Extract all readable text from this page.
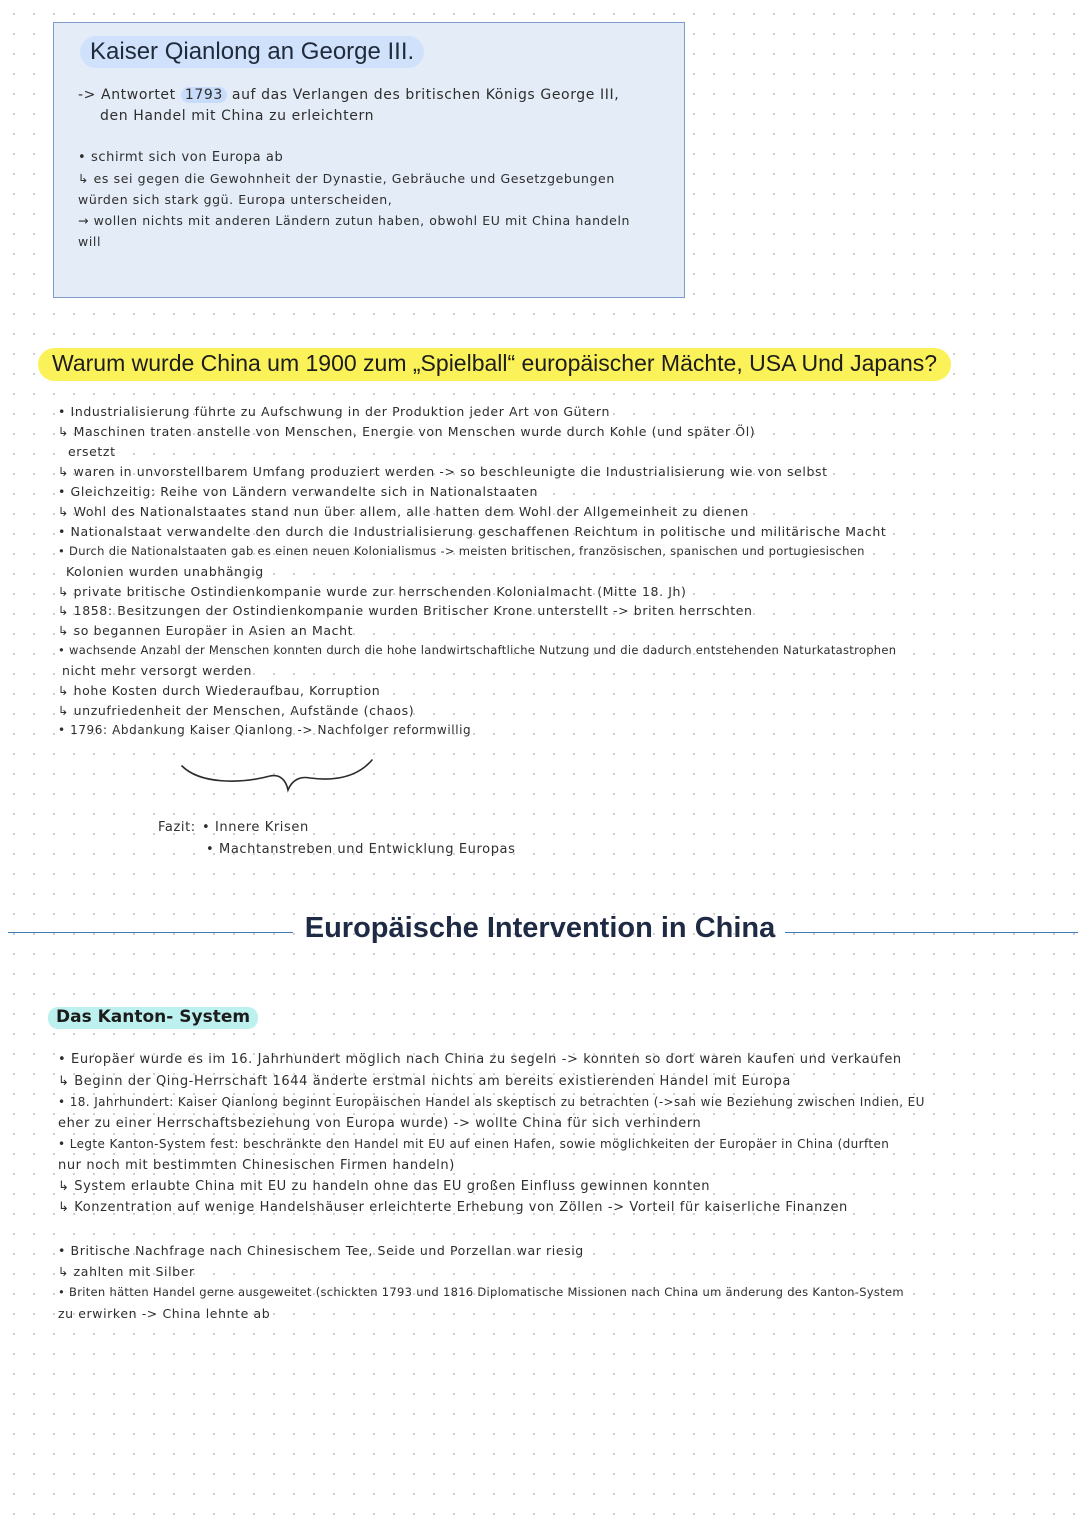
Kaiser Qianlong an George III.
-> Antwortet 1793 auf das Verlangen des britischen Königs George III,
den Handel mit China zu erleichtern
• schirmt sich von Europa ab
↳ es sei gegen die Gewohnheit der Dynastie, Gebräuche und Gesetzgebungen
würden sich stark ggü. Europa unterscheiden,
→ wollen nichts mit anderen Ländern zutun haben, obwohl EU mit China handeln
will
Warum wurde China um 1900 zum „Spielball“ europäischer Mächte, USA Und Japans?
• Industrialisierung führte zu Aufschwung in der Produktion jeder Art von Gütern
↳ Maschinen traten anstelle von Menschen, Energie von Menschen wurde durch Kohle (und später Öl)
ersetzt
↳ waren in unvorstellbarem Umfang produziert werden -> so beschleunigte die Industrialisierung wie von selbst
• Gleichzeitig: Reihe von Ländern verwandelte sich in Nationalstaaten
↳ Wohl des Nationalstaates stand nun über allem, alle hatten dem Wohl der Allgemeinheit zu dienen
• Nationalstaat verwandelte den durch die Industrialisierung geschaffenen Reichtum in politische und militärische Macht
• Durch die Nationalstaaten gab es einen neuen Kolonialismus -> meisten britischen, französischen, spanischen und portugiesischen
Kolonien wurden unabhängig
↳ private britische Ostindienkompanie wurde zur herrschenden Kolonialmacht (Mitte 18. Jh)
↳ 1858: Besitzungen der Ostindienkompanie wurden Britischer Krone unterstellt -> briten herrschten
↳ so begannen Europäer in Asien an Macht
• wachsende Anzahl der Menschen konnten durch die hohe landwirtschaftliche Nutzung und die dadurch entstehenden Naturkatastrophen
nicht mehr versorgt werden
↳ hohe Kosten durch Wiederaufbau, Korruption
↳ unzufriedenheit der Menschen, Aufstände (chaos)
• 1796: Abdankung Kaiser Qianlong -> Nachfolger reformwillig
Fazit: • Innere Krisen
• Machtanstreben und Entwicklung Europas
Europäische Intervention in China
Das Kanton- System
• Europäer wurde es im 16. Jahrhundert möglich nach China zu segeln -> konnten so dort waren kaufen und verkaufen
↳ Beginn der Qing-Herrschaft 1644 änderte erstmal nichts am bereits existierenden Handel mit Europa
• 18. Jahrhundert: Kaiser Qianlong beginnt Europäischen Handel als skeptisch zu betrachten (->sah wie Beziehung zwischen Indien, EU
eher zu einer Herrschaftsbeziehung von Europa wurde) -> wollte China für sich verhindern
• Legte Kanton-System fest: beschränkte den Handel mit EU auf einen Hafen, sowie möglichkeiten der Europäer in China (durften
nur noch mit bestimmten Chinesischen Firmen handeln)
↳ System erlaubte China mit EU zu handeln ohne das EU großen Einfluss gewinnen konnten
↳ Konzentration auf wenige Handelshäuser erleichterte Erhebung von Zöllen -> Vorteil für kaiserliche Finanzen
• Britische Nachfrage nach Chinesischem Tee, Seide und Porzellan war riesig
↳ zahlten mit Silber
• Briten hätten Handel gerne ausgeweitet (schickten 1793 und 1816 Diplomatische Missionen nach China um änderung des Kanton-System
zu erwirken -> China lehnte ab
